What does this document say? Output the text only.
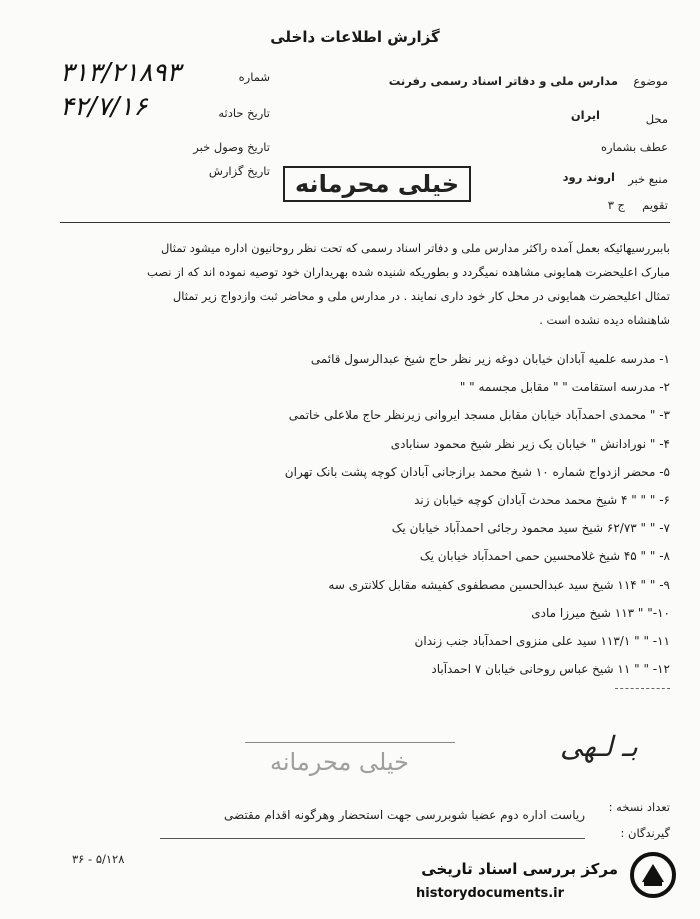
گزارش اطلاعات داخلی
۳۱۳/۲۱۸۹۳	شماره
۴۲/۷/۱۶	تاریخ حادثه
تاریخ وصول خبر
تاریخ گزارش
موضوع
مدارس ملی و دفاتر اسناد رسمی رفرنت
محل
ایران
عطف بشماره
منبع خبر
اروند رود
تقویم
ج ۳
خیلی محرمانه
باببررسیهائیکه بعمل آمده راکثر مدارس ملی و دفاتر اسناد رسمی که تحت نظر روحانیون اداره میشود تمثال
مبارک اعلیحضرت همایونی مشاهده نمیگردد و بطوریکه شنیده شده بهریداران خود توصیه نموده اند که از نصب
تمثال اعلیحضرت همایونی در محل کار خود داری نمایند . در مدارس ملی و محاضر ثبت وازدواج زیر تمثال
شاهنشاه دیده نشده است .
۱- مدرسه علمیه آبادان خیابان دوغه زیر نظر حاج شیخ عبدالرسول قائمی
۲- مدرسه استقامت " " مقابل مجسمه " "
۳- " محمدی احمدآباد خیابان مقابل مسجد ایروانی زیرنظر حاج ملاعلی خاتمی
۴- " نورادانش " خیابان یک زیر نظر شیخ محمود سنابادی
۵- محضر ازدواج شماره ۱۰ شیخ محمد برازجانی آبادان کوچه پشت بانک تهران
۶- " " " ۴ شیخ محمد محدث آبادان کوچه خیابان زند
۷- " " ۶۲/۷۳ شیخ سید محمود رجائی احمدآباد خیابان یک
۸- " " ۴۵ شیخ غلامحسین حمی احمدآباد خیابان یک
۹- " " ۱۱۴ شیخ سید عبدالحسین مصطفوی کفیشه مقابل کلانتری سه
۱۰-" " ۱۱۳ شیخ میرزا مادی
۱۱- " " ۱۱۳/۱ سید علی منزوی احمدآباد جنب زندان
۱۲- " " ۱۱ شیخ عباس روحانی خیابان ۷ احمدآباد
بـ لـهی
خیلی محرمانه
تعداد نسخه :
ریاست اداره دوم عضیا شوبررسی جهت استحضار وهرگونه اقدام مقتضی
گیرندگان :
۳۶ - ۵/۱۲۸
مرکز بررسی اسناد تاریخی
historydocuments.ir
